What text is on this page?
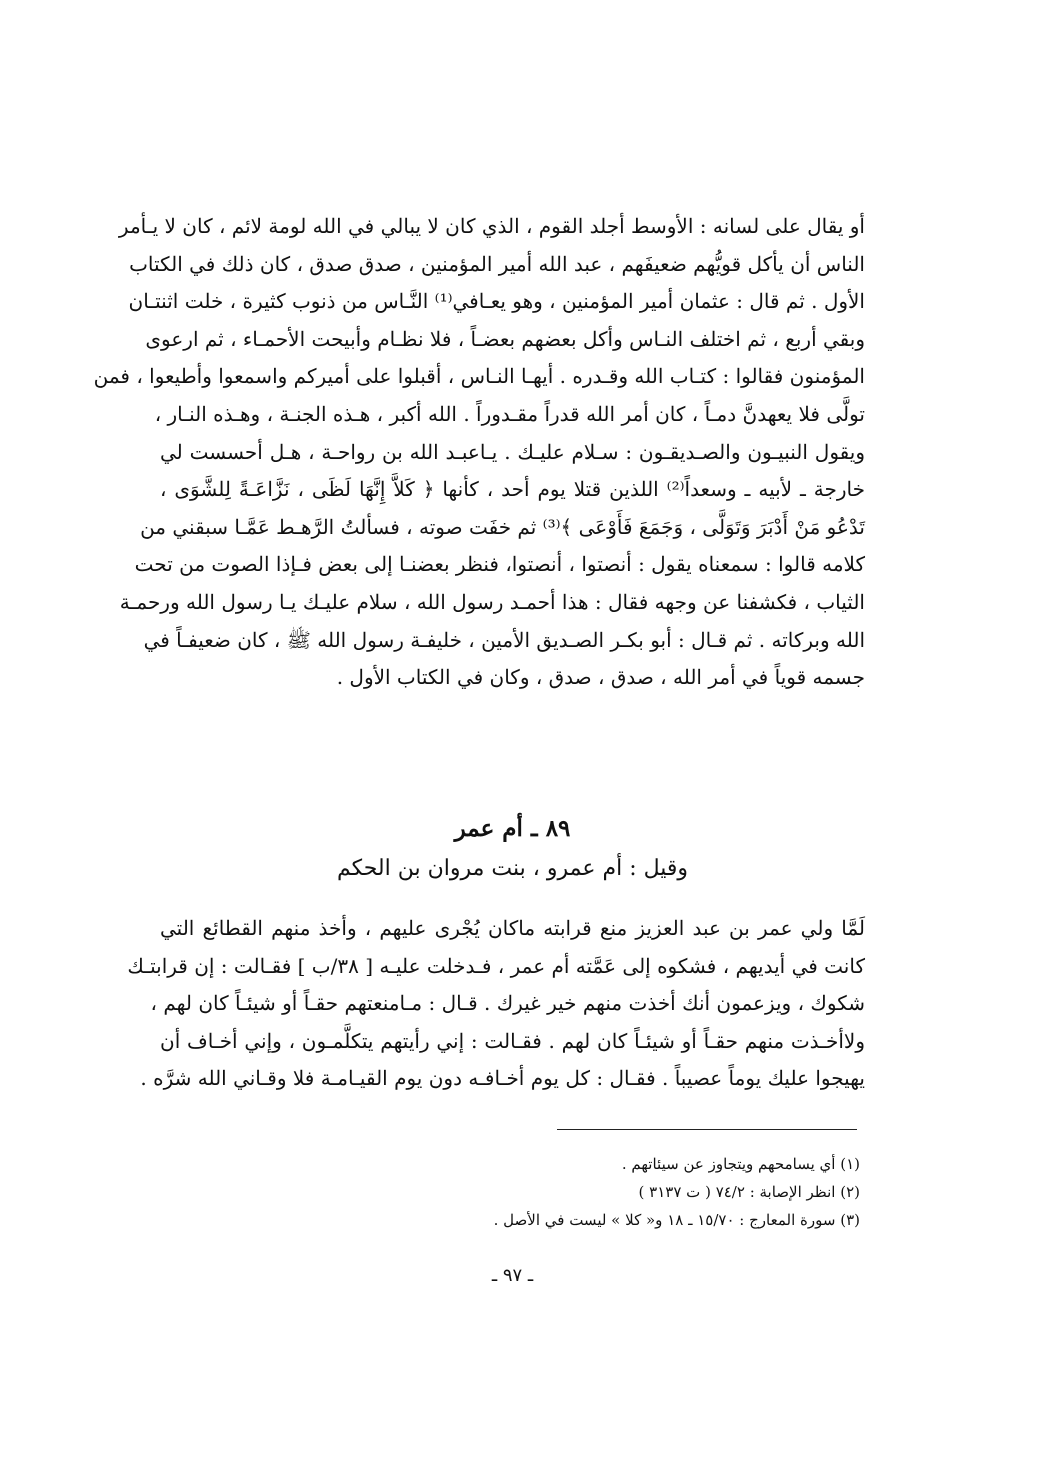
أو يقال على لسانه : الأوسط أجلد القوم ، الذي كان لا يبالي في الله لومة لائم ، كان لا يـأمر
الناس أن يأكل قويُّهم ضعيفَهم ، عبد الله أمير المؤمنين ، صدق صدق ، كان ذلك في الكتاب
الأول . ثم قال : عثمان أمير المؤمنين ، وهو يعـافي⁽¹⁾ النَّـاس من ذنوب كثيرة ، خلت اثنتـان
وبقي أربع ، ثم اختلف النـاس وأكل بعضهم بعضـاً ، فلا نظـام وأبيحت الأحمـاء ، ثم ارعوى
المؤمنون فقالوا : كتـاب الله وقـدره . أيهـا النـاس ، أقبلوا على أميركم واسمعوا وأطيعوا ، فمن
تولَّى فلا يعهدنَّ دمـاً ، كان أمر الله قدراً مقـدوراً . الله أكبر ، هـذه الجنـة ، وهـذه النـار ،
ويقول النبيـون والصـديقـون : سـلام عليـك . يـاعبـد الله بن رواحـة ، هـل أحسست لي
خارجة ـ لأبيه ـ وسعداً⁽²⁾ اللذين قتلا يوم أحد ، كأنها ﴿ كَلاَّ إِنَّهَا لَظَى ، نَزَّاعَـةً لِلشَّوَى ،
تَدْعُو مَنْ أَدْبَرَ وَتَوَلَّى ، وَجَمَعَ فَأَوْعَى ﴾⁽³⁾ ثم خفَت صوته ، فسألتُ الرَّهـط عَمَّـا سبقني من
كلامه قالوا : سمعناه يقول : أنصتوا ، أنصتوا، فنظر بعضنـا إلى بعض فـإذا الصوت من تحت
الثياب ، فكشفنا عن وجهه فقال : هذا أحمـد رسول الله ، سلام عليـك يـا رسول الله ورحمـة
الله وبركاته . ثم قـال : أبو بكـر الصـديق الأمين ، خليفـة رسول الله ﷺ ، كان ضعيفـاً في
جسمه قوياً في أمر الله ، صدق ، صدق ، وكان في الكتاب الأول .
٨٩ ـ أم عمر
وقيل : أم عمرو ، بنت مروان بن الحكم
لَمَّا ولي عمر بن عبد العزيز منع قرابته ماكان يُجْرى عليهم ، وأخذ منهم القطائع التي
كانت في أيديهم ، فشكوه إلى عَمَّته أم عمر ، فـدخلت عليـه [ ٣٨/ب ] فقـالت : إن قرابتـك
شكوك ، ويزعمون أنك أخذت منهم خير غيرك . قـال : مـامنعتهم حقـاً أو شيئـاً كان لهم ،
ولاأخـذت منهم حقـاً أو شيئـاً كان لهم . فقـالت : إني رأيتهم يتكلَّمـون ، وإني أخـاف أن
يهيجوا عليك يوماً عصيباً . فقـال : كل يوم أخـافـه دون يوم القيـامـة فلا وقـاني الله شرَّه .
(١) أي يسامحهم ويتجاوز عن سيئاتهم .
(٢) انظر الإصابة : ٧٤/٢ ( ت ٣١٣٧ )
(٣) سورة المعارج : ١٥/٧٠ ـ ١٨ و« كلا » ليست في الأصل .
ـ ٩٧ ـ
